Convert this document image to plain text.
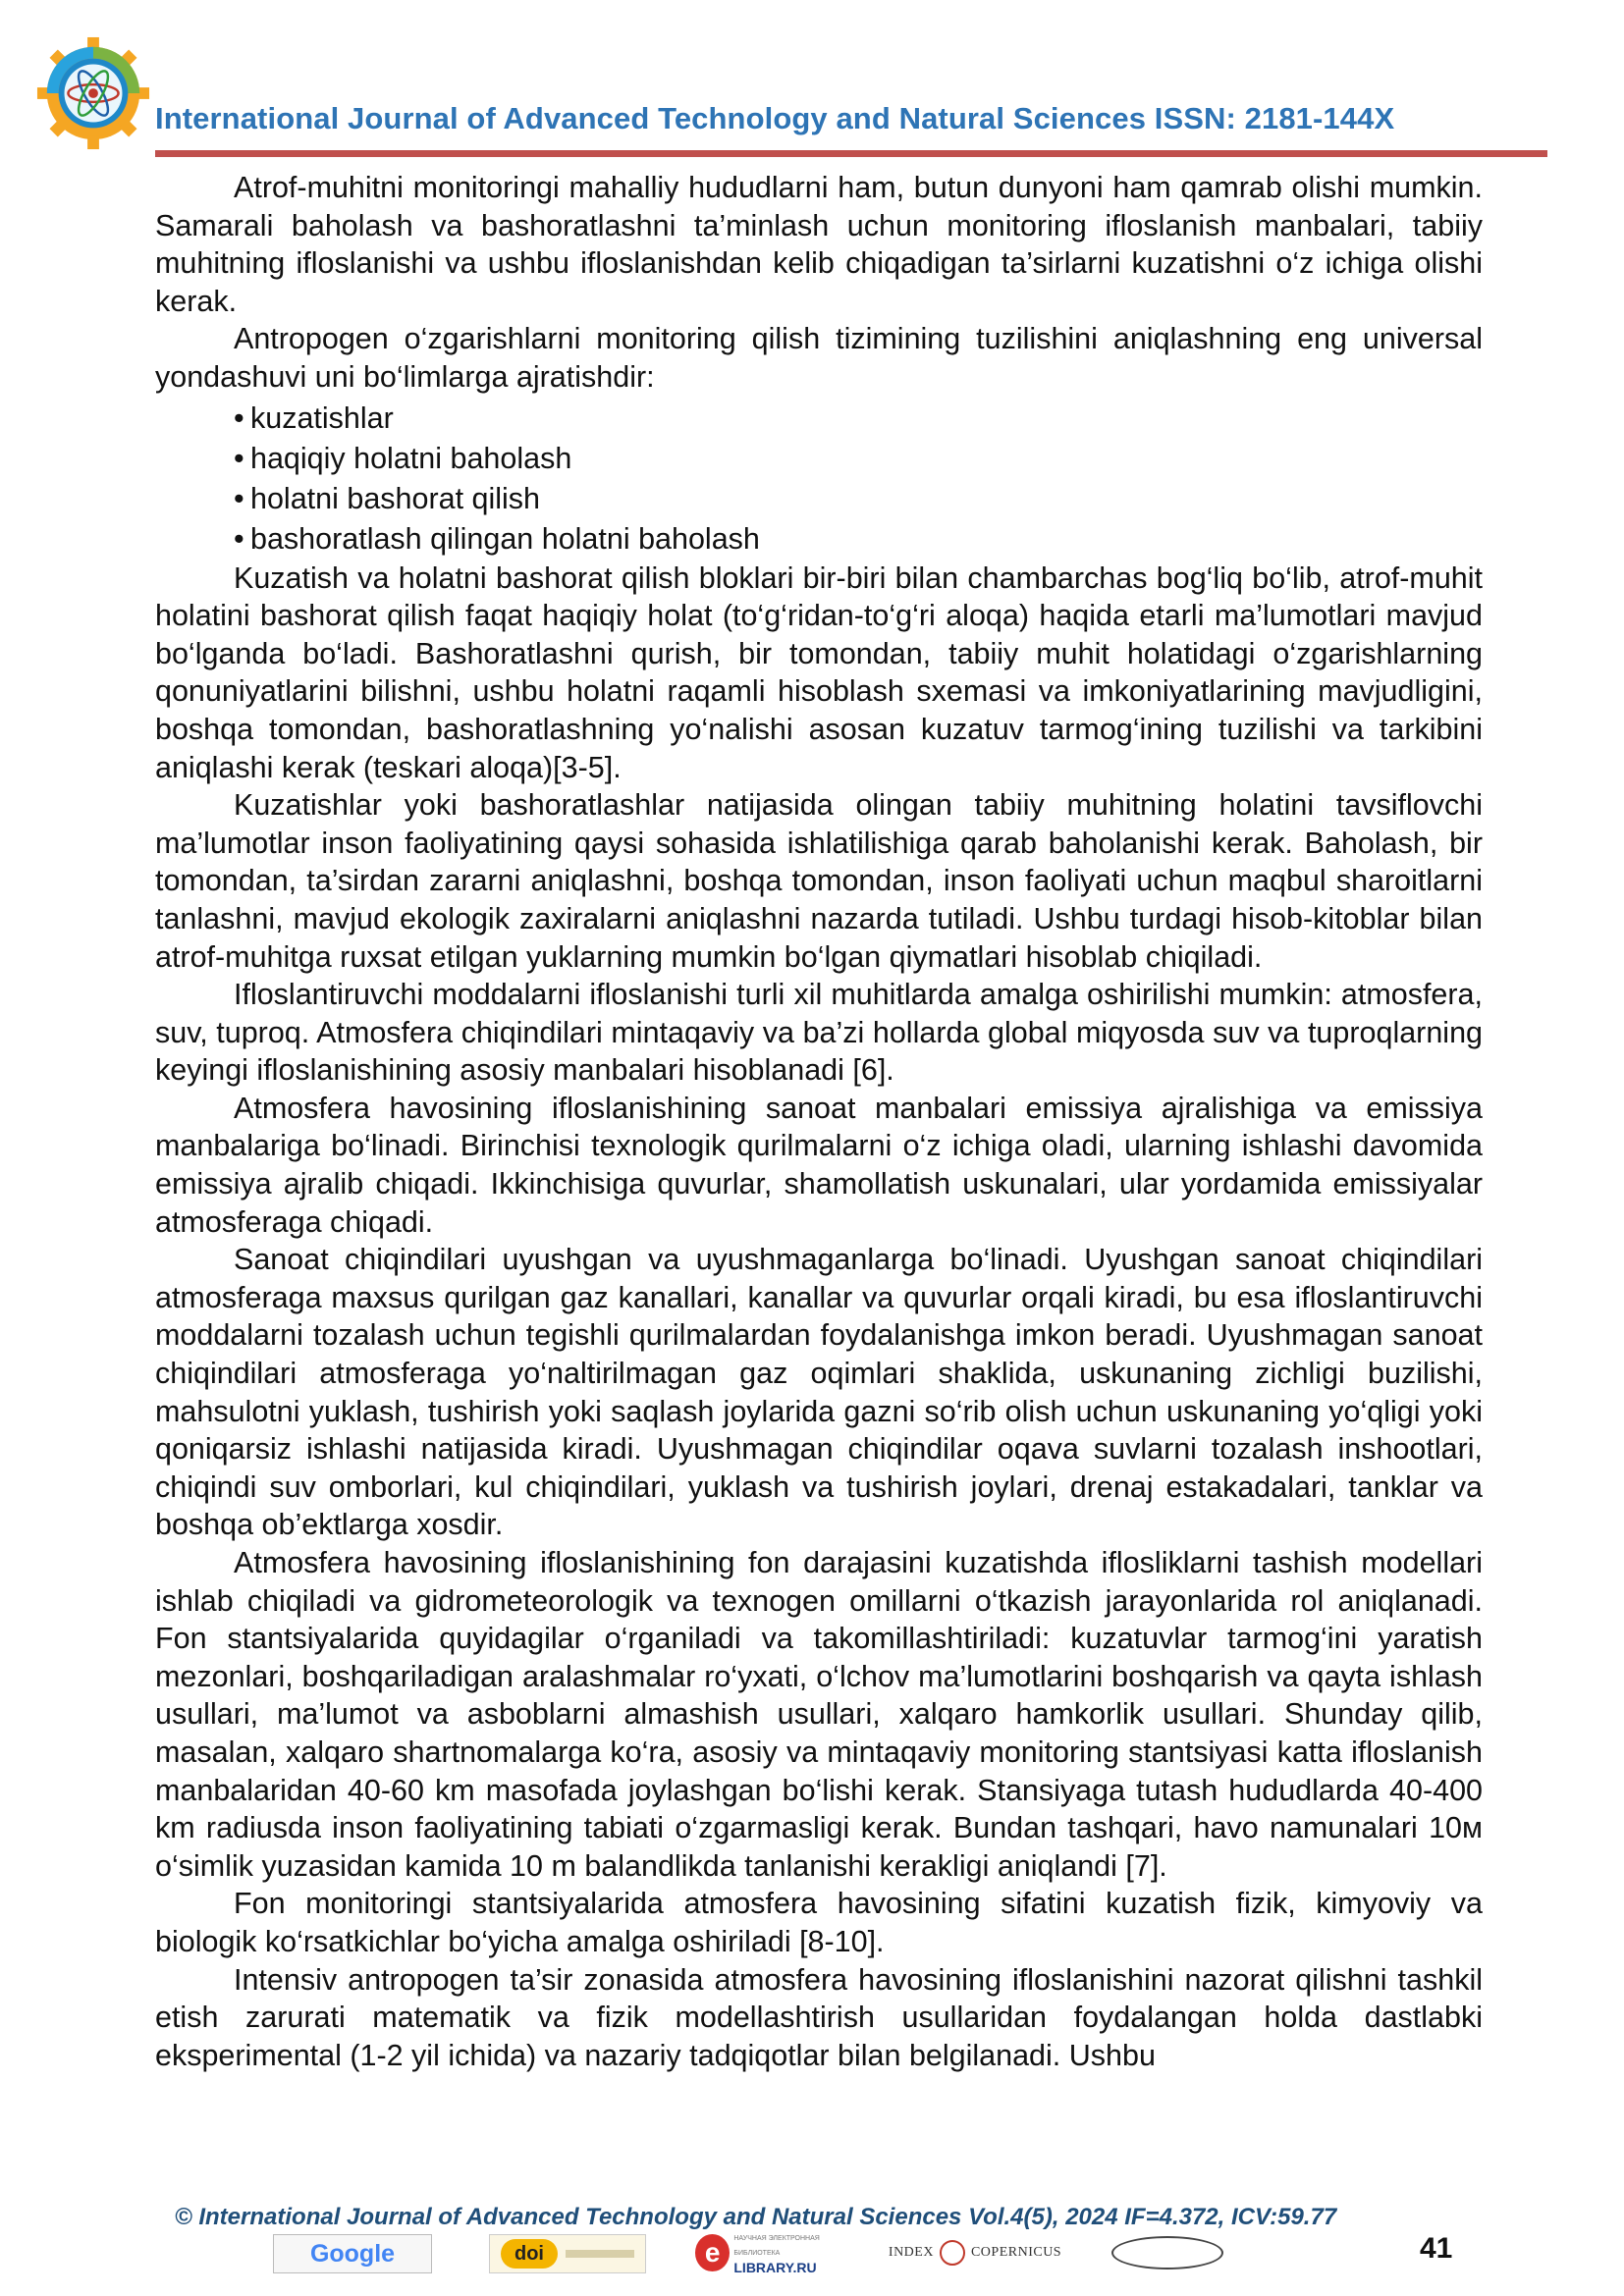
International Journal of Advanced Technology and Natural Sciences ISSN: 2181-144X

Atrof-muhitni monitoringi mahalliy hududlarni ham, butun dunyoni ham qamrab olishi mumkin. Samarali baholash va bashoratlashni ta’minlash uchun monitoring ifloslanish manbalari, tabiiy muhitning ifloslanishi va ushbu ifloslanishdan kelib chiqadigan ta’sirlarni kuzatishni o‘z ichiga olishi kerak.

Antropogen o‘zgarishlarni monitoring qilish tizimining tuzilishini aniqlashning eng universal yondashuvi uni bo‘limlarga ajratishdir:

• kuzatishlar
• haqiqiy holatni baholash
• holatni bashorat qilish
• bashoratlash qilingan holatni baholash

Kuzatish va holatni bashorat qilish bloklari bir-biri bilan chambarchas bog‘liq bo‘lib, atrof-muhit holatini bashorat qilish faqat haqiqiy holat (to‘g‘ridan-to‘g‘ri aloqa) haqida etarli ma’lumotlari mavjud bo‘lganda bo‘ladi. Bashoratlashni qurish, bir tomondan, tabiiy muhit holatidagi o‘zgarishlarning qonuniyatlarini bilishni, ushbu holatni raqamli hisoblash sxemasi va imkoniyatlarining mavjudligini, boshqa tomondan, bashoratlashning yo‘nalishi asosan kuzatuv tarmog‘ining tuzilishi va tarkibini aniqlashi kerak (teskari aloqa)[3-5].

Kuzatishlar yoki bashoratlashlar natijasida olingan tabiiy muhitning holatini tavsiflovchi ma’lumotlar inson faoliyatining qaysi sohasida ishlatilishiga qarab baholanishi kerak. Baholash, bir tomondan, ta’sirdan zararni aniqlashni, boshqa tomondan, inson faoliyati uchun maqbul sharoitlarni tanlashni, mavjud ekologik zaxiralarni aniqlashni nazarda tutiladi. Ushbu turdagi hisob-kitoblar bilan atrof-muhitga ruxsat etilgan yuklarning mumkin bo‘lgan qiymatlari hisoblab chiqiladi.

Ifloslantiruvchi moddalarni ifloslanishi turli xil muhitlarda amalga oshirilishi mumkin: atmosfera, suv, tuproq. Atmosfera chiqindilari mintaqaviy va ba’zi hollarda global miqyosda suv va tuproqlarning keyingi ifloslanishining asosiy manbalari hisoblanadi [6].

Atmosfera havosining ifloslanishining sanoat manbalari emissiya ajralishiga va emissiya manbalariga bo‘linadi. Birinchisi texnologik qurilmalarni o‘z ichiga oladi, ularning ishlashi davomida emissiya ajralib chiqadi. Ikkinchisiga quvurlar, shamollatish uskunalari, ular yordamida emissiyalar atmosferaga chiqadi.

Sanoat chiqindilari uyushgan va uyushmaganlarga bo‘linadi. Uyushgan sanoat chiqindilari atmosferaga maxsus qurilgan gaz kanallari, kanallar va quvurlar orqali kiradi, bu esa ifloslantiruvchi moddalarni tozalash uchun tegishli qurilmalardan foydalanishga imkon beradi. Uyushmagan sanoat chiqindilari atmosferaga yo‘naltirilmagan gaz oqimlari shaklida, uskunaning zichligi buzilishi, mahsulotni yuklash, tushirish yoki saqlash joylarida gazni so‘rib olish uchun uskunaning yo‘qligi yoki qoniqarsiz ishlashi natijasida kiradi. Uyushmagan chiqindilar oqava suvlarni tozalash inshootlari, chiqindi suv omborlari, kul chiqindilari, yuklash va tushirish joylari, drenaj estakadalari, tanklar va boshqa ob’ektlarga xosdir.

Atmosfera havosining ifloslanishining fon darajasini kuzatishda iflosliklarni tashish modellari ishlab chiqiladi va gidrometeorologik va texnogen omillarni o‘tkazish jarayonlarida rol aniqlanadi. Fon stantsiyalarida quyidagilar o‘rganiladi va takomillashtiriladi: kuzatuvlar tarmog‘ini yaratish mezonlari, boshqariladigan aralashmalar ro‘yxati, o‘lchov ma’lumotlarini boshqarish va qayta ishlash usullari, ma’lumot va asboblarni almashish usullari, xalqaro hamkorlik usullari. Shunday qilib, masalan, xalqaro shartnomalarga ko‘ra, asosiy va mintaqaviy monitoring stantsiyasi katta ifloslanish manbalaridan 40-60 km masofada joylashgan bo‘lishi kerak. Stansiyaga tutash hududlarda 40-400 km radiusda inson faoliyatining tabiati o‘zgarmasligi kerak. Bundan tashqari, havo namunalari 10м o‘simlik yuzasidan kamida 10 m balandlikda tanlanishi kerakligi aniqlandi [7].

Fon monitoringi stantsiyalarida atmosfera havosining sifatini kuzatish fizik, kimyoviy va biologik ko‘rsatkichlar bo‘yicha amalga oshiriladi [8-10].

Intensiv antropogen ta’sir zonasida atmosfera havosining ifloslanishini nazorat qilishni tashkil etish zarurati matematik va fizik modellashtirish usullaridan foydalangan holda dastlabki eksperimental (1-2 yil ichida) va nazariy tadqiqotlar bilan belgilanadi. Ushbu

© International Journal of Advanced Technology and Natural Sciences Vol.4(5), 2024 IF=4.372, ICV:59.77
Google	doi	e	НАУЧНАЯ ЭЛЕКТРОННАЯ БИБЛИОТЕКА
LIBRARY.RU
INDEX	COPERNICUS	41
